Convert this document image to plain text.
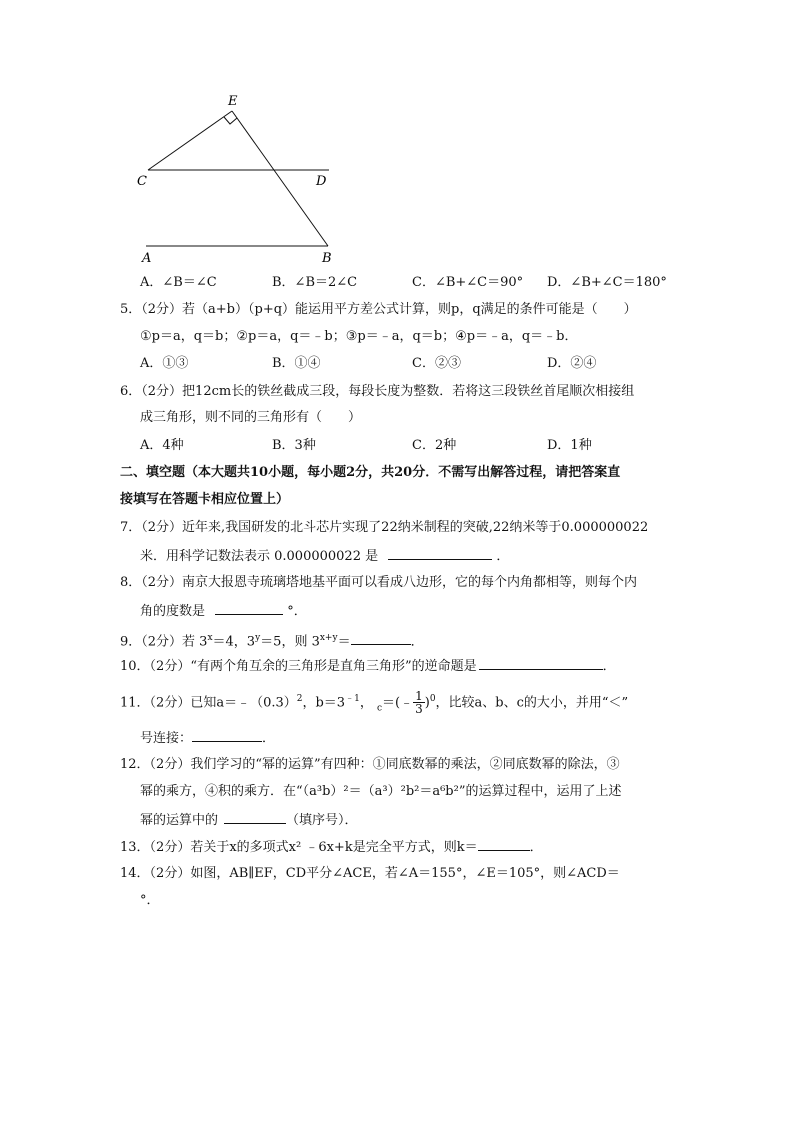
E
C	D
A	B
A．∠B＝∠C	B．∠B＝2∠C	C．∠B+∠C＝90° D．∠B+∠C＝180°
5．（2分）若（a+b）（p+q）能运用平方差公式计算，则p，q满足的条件可能是（　　）
①p＝a，q＝b；②p＝a，q＝﹣b；③p＝﹣a，q＝b；④p＝﹣a，q＝﹣b．
A．①③	B．①④	C．②③	D．②④
6．（2分）把12cm长的铁丝截成三段，每段长度为整数．若将这三段铁丝首尾顺次相接组
成三角形，则不同的三角形有（　　）
A．4种	B．3种	C．2种	D．1种
二、填空题（本大题共10小题，每小题2分，共20分．不需写出解答过程，请把答案直
接填写在答题卡相应位置上）
7．（2分）近年来,我国研发的北斗芯片实现了22纳米制程的突破,22纳米等于0.000000022
米．用科学记数法表示 0.000000022 是	．
8．（2分）南京大报恩寺琉璃塔地基平面可以看成八边形，它的每个内角都相等，则每个内
角的度数是	°．
9．（2分）若 $3^x=4$，$3^y=5$，则 $3^{x+y}=$	．
10．（2分）“有两个角互余的三角形是直角三角形”的逆命题是	．
11．（2分）已知$a=﹣(0.3)^2$，$b=3^{﹣1}$， $_c$＝(﹣ $\frac{1}{3} )^0$，比较a、b、c的大小，并用“＜”
号连接：	．
12．（2分）我们学习的“幂的运算”有四种：①同底数幂的乘法，②同底数幂的除法，③
幂的乘方，④积的乘方．在“（a³b）²＝（a³）²b²＝a⁶b²”的运算过程中，运用了上述
幂的运算中的	（填序号）．
13．（2分）若关于x的多项式x² ﹣6x+k是完全平方式，则k＝	．
14．（2分）如图，AB∥EF，CD平分∠ACE，若∠A＝155°，∠E＝105°，则∠ACD＝
°．
